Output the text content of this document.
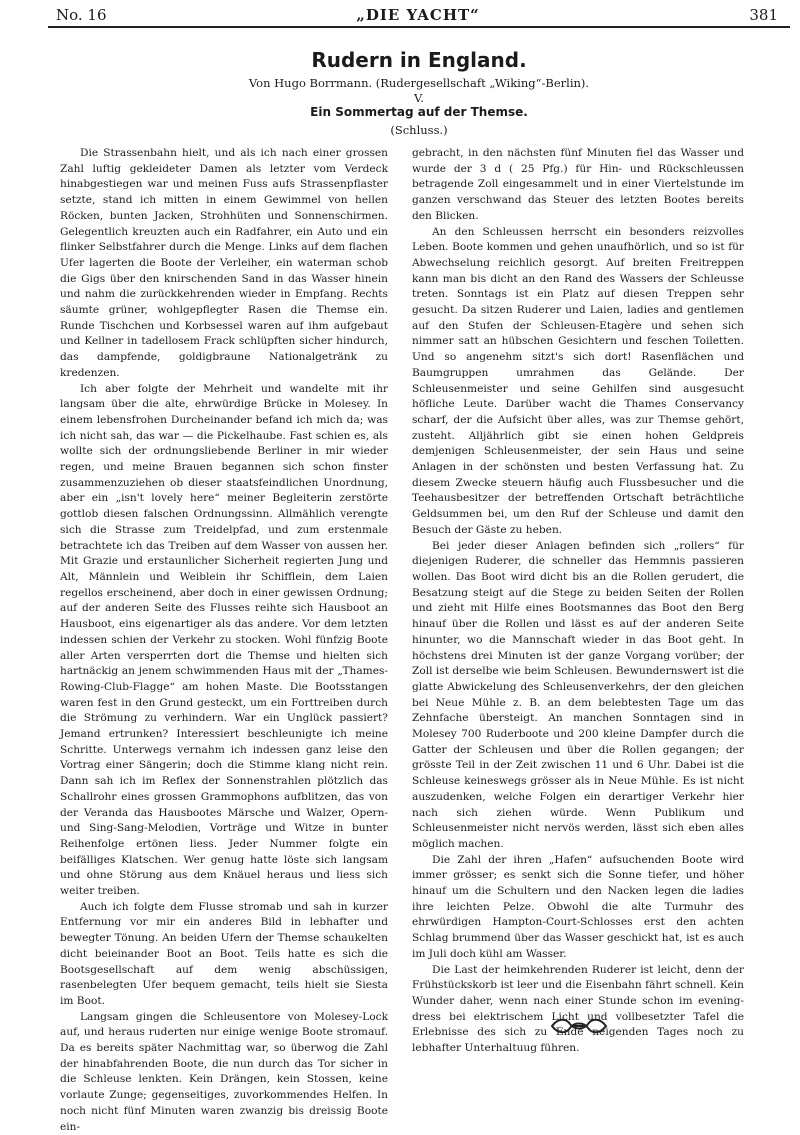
No. 16	„DIE YACHT“	381
Rudern in England.
Von Hugo Borrmann. (Rudergesellschaft „Wiking“-Berlin).
V.
Ein Sommertag auf der Themse.
(Schluss.)

Die Strassenbahn hielt, und als ich nach einer grossen Zahl luftig gekleideter Damen als letzter vom Verdeck hinabgestiegen war und meinen Fuss aufs Strassenpflaster setzte, stand ich mitten in einem Gewimmel von hellen Röcken, bunten Jacken, Strohhüten und Sonnenschirmen. Gelegentlich kreuzten auch ein Radfahrer, ein Auto und ein flinker Selbstfahrer durch die Menge. Links auf dem flachen Ufer lagerten die Boote der Verleiher, ein waterman schob die Gigs über den knirschenden Sand in das Wasser hinein und nahm die zurückkehrenden wieder in Empfang. Rechts säumte grüner, wohlgepflegter Rasen die Themse ein. Runde Tischchen und Korbsessel waren auf ihm aufgebaut und Kellner in tadellosem Frack schlüpften sicher hindurch, das dampfende, goldigbraune Nationalgetränk zu kredenzen.

Ich aber folgte der Mehrheit und wandelte mit ihr langsam über die alte, ehrwürdige Brücke in Molesey. In einem lebensfrohen Durcheinander befand ich mich da; was ich nicht sah, das war — die Pickelhaube. Fast schien es, als wollte sich der ordnungsliebende Berliner in mir wieder regen, und meine Brauen begannen sich schon finster zusammenzuziehen ob dieser staatsfeindlichen Unordnung, aber ein „isn't lovely here“ meiner Begleiterin zerstörte gottlob diesen falschen Ordnungssinn. Allmählich verengte sich die Strasse zum Treidelpfad, und zum erstenmale betrachtete ich das Treiben auf dem Wasser von aussen her. Mit Grazie und erstaunlicher Sicherheit regierten Jung und Alt, Männlein und Weiblein ihr Schifflein, dem Laien regellos erscheinend, aber doch in einer gewissen Ordnung; auf der anderen Seite des Flusses reihte sich Hausboot an Hausboot, eins eigenartiger als das andere. Vor dem letzten indessen schien der Verkehr zu stocken. Wohl fünfzig Boote aller Arten versperrten dort die Themse und hielten sich hartnäckig an jenem schwimmenden Haus mit der „Thames-Rowing-Club-Flagge“ am hohen Maste. Die Bootsstangen waren fest in den Grund gesteckt, um ein Forttreiben durch die Strömung zu verhindern. War ein Unglück passiert? Jemand ertrunken? Interessiert beschleunigte ich meine Schritte. Unterwegs vernahm ich indessen ganz leise den Vortrag einer Sängerin; doch die Stimme klang nicht rein. Dann sah ich im Reflex der Sonnenstrahlen plötzlich das Schallrohr eines grossen Grammophons aufblitzen, das von der Veranda das Hausbootes Märsche und Walzer, Opern- und Sing-Sang-Melodien, Vorträge und Witze in bunter Reihenfolge ertönen liess. Jeder Nummer folgte ein beifälliges Klatschen. Wer genug hatte löste sich langsam und ohne Störung aus dem Knäuel heraus und liess sich weiter treiben.

Auch ich folgte dem Flusse stromab und sah in kurzer Entfernung vor mir ein anderes Bild in lebhafter und bewegter Tönung. An beiden Ufern der Themse schaukelten dicht beieinander Boot an Boot. Teils hatte es sich die Bootsgesellschaft auf dem wenig abschüssigen, rasenbelegten Ufer bequem gemacht, teils hielt sie Siesta im Boot.

Langsam gingen die Schleusentore von Molesey-Lock auf, und heraus ruderten nur einige wenige Boote stromauf. Da es bereits später Nachmittag war, so überwog die Zahl der hinabfahrenden Boote, die nun durch das Tor sicher in die Schleuse lenkten. Kein Drängen, kein Stossen, keine vorlaute Zunge; gegenseitiges, zuvorkommendes Helfen. In noch nicht fünf Minuten waren zwanzig bis dreissig Boote ein-

gebracht, in den nächsten fünf Minuten fiel das Wasser und wurde der 3 d ( 25 Pfg.) für Hin- und Rückschleussen betragende Zoll eingesammelt und in einer Viertelstunde im ganzen verschwand das Steuer des letzten Bootes bereits den Blicken.

An den Schleussen herrscht ein besonders reizvolles Leben. Boote kommen und gehen unaufhörlich, und so ist für Abwechselung reichlich gesorgt. Auf breiten Freitreppen kann man bis dicht an den Rand des Wassers der Schleusse treten. Sonntags ist ein Platz auf diesen Treppen sehr gesucht. Da sitzen Ruderer und Laien, ladies and gentlemen auf den Stufen der Schleusen-Etagère und sehen sich nimmer satt an hübschen Gesichtern und feschen Toiletten. Und so angenehm sitzt's sich dort! Rasenflächen und Baumgruppen umrahmen das Gelände. Der Schleusenmeister und seine Gehilfen sind ausgesucht höfliche Leute. Darüber wacht die Thames Conservancy scharf, der die Aufsicht über alles, was zur Themse gehört, zusteht. Alljährlich gibt sie einen hohen Geldpreis demjenigen Schleusenmeister, der sein Haus und seine Anlagen in der schönsten und besten Verfassung hat. Zu diesem Zwecke steuern häufig auch Flussbesucher und die Teehausbesitzer der betreffenden Ortschaft beträchtliche Geldsummen bei, um den Ruf der Schleuse und damit den Besuch der Gäste zu heben.

Bei jeder dieser Anlagen befinden sich „rollers“ für diejenigen Ruderer, die schneller das Hemmnis passieren wollen. Das Boot wird dicht bis an die Rollen gerudert, die Besatzung steigt auf die Stege zu beiden Seiten der Rollen und zieht mit Hilfe eines Bootsmannes das Boot den Berg hinauf über die Rollen und lässt es auf der anderen Seite hinunter, wo die Mannschaft wieder in das Boot geht. In höchstens drei Minuten ist der ganze Vorgang vorüber; der Zoll ist derselbe wie beim Schleusen. Bewundernswert ist die glatte Abwickelung des Schleusenverkehrs, der den gleichen bei Neue Mühle z. B. an dem belebtesten Tage um das Zehnfache übersteigt. An manchen Sonntagen sind in Molesey 700 Ruderboote und 200 kleine Dampfer durch die Gatter der Schleusen und über die Rollen gegangen; der grösste Teil in der Zeit zwischen 11 und 6 Uhr. Dabei ist die Schleuse keineswegs grösser als in Neue Mühle. Es ist nicht auszudenken, welche Folgen ein derartiger Verkehr hier nach sich ziehen würde. Wenn Publikum und Schleusenmeister nicht nervös werden, lässt sich eben alles möglich machen.

Die Zahl der ihren „Hafen“ aufsuchenden Boote wird immer grösser; es senkt sich die Sonne tiefer, und höher hinauf um die Schultern und den Nacken legen die ladies ihre leichten Pelze. Obwohl die alte Turmuhr des ehrwürdigen Hampton-Court-Schlosses erst den achten Schlag brummend über das Wasser geschickt hat, ist es auch im Juli doch kühl am Wasser.

Die Last der heimkehrenden Ruderer ist leicht, denn der Frühstückskorb ist leer und die Eisenbahn fährt schnell. Kein Wunder daher, wenn nach einer Stunde schon im evening-dress bei elektrischem Licht und vollbesetzter Tafel die Erlebnisse des sich zu Ende neigenden Tages noch zu lebhafter Unterhaltuug führen.
